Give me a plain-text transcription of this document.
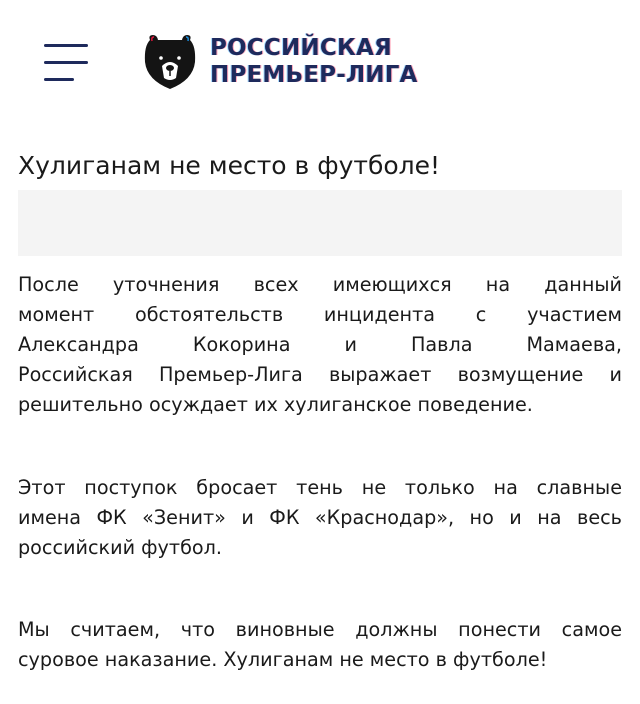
РОССИЙСКАЯ
ПРЕМЬЕР-ЛИГА
Хулиганам не место в футболе!
После уточнения всех имеющихся на данный
момент обстоятельств инцидента с участием
Александра Кокорина и Павла Мамаева,
Российская Премьер-Лига выражает возмущение и
решительно осуждает их хулиганское поведение.
Этот поступок бросает тень не только на славные
имена ФК «Зенит» и ФК «Краснодар», но и на весь
российский футбол.
Мы считаем, что виновные должны понести самое
суровое наказание. Хулиганам не место в футболе!
